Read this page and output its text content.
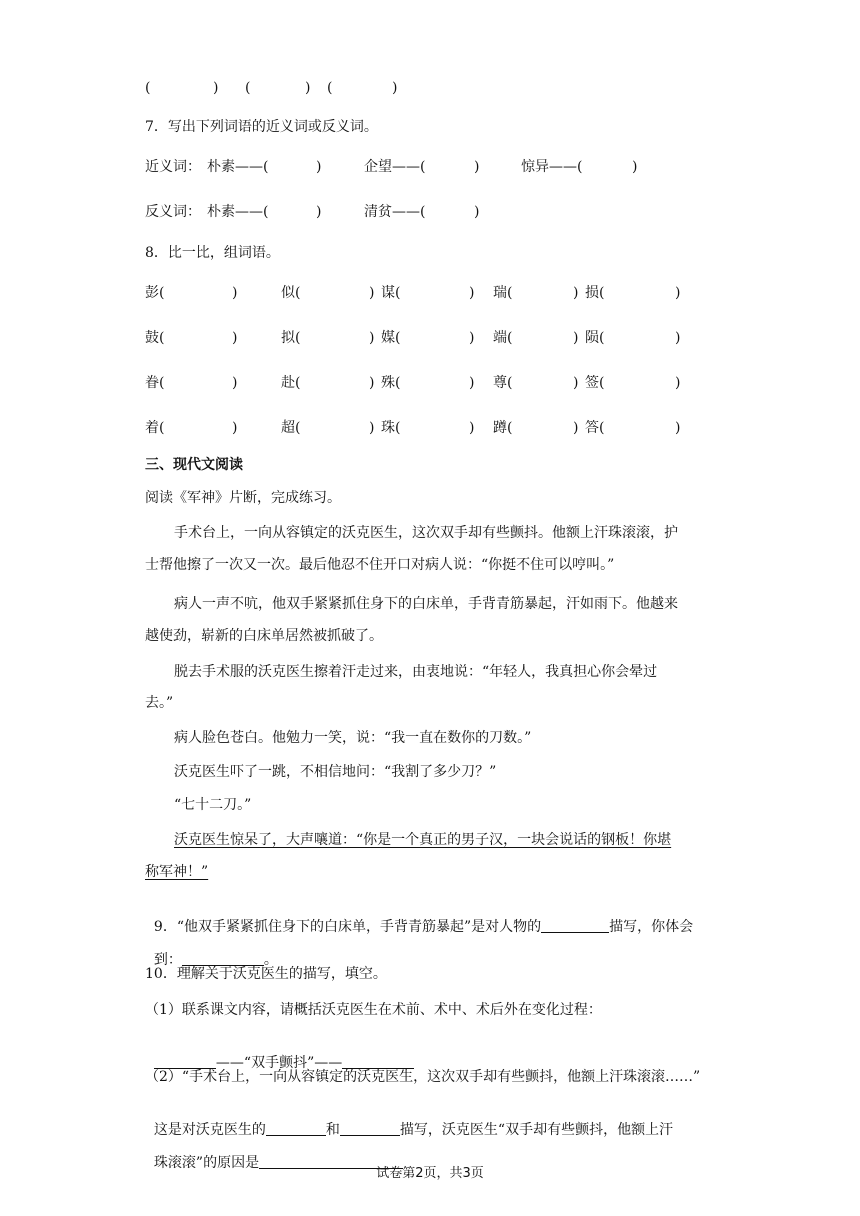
(	) (	) (	)
7．写出下列词语的近义词或反义词。
近义词： 朴素——(	)	企望——(	)	惊异——(	)
反义词： 朴素——(	)	清贫——(	)
8．比一比，组词语。
彭(	)	似(	) 谋(	) 瑞(	) 损(	)
鼓(	)	拟(	) 媒(	) 端(	) 陨(	)
眷(	)	赴(	) 殊(	) 尊(	) 签(	)
着(	)	超(	) 珠(	) 蹲(	) 答(	)
三、现代文阅读
阅读《军神》片断，完成练习。
手术台上，一向从容镇定的沃克医生，这次双手却有些颤抖。他额上汗珠滚滚，护
士帮他擦了一次又一次。最后他忍不住开口对病人说：“你挺不住可以哼叫。”
病人一声不吭，他双手紧紧抓住身下的白床单，手背青筋暴起，汗如雨下。他越来
越使劲，崭新的白床单居然被抓破了。
脱去手术服的沃克医生擦着汗走过来，由衷地说：“年轻人，我真担心你会晕过
去。”
病人脸色苍白。他勉力一笑，说：“我一直在数你的刀数。”
沃克医生吓了一跳，不相信地问：“我割了多少刀？”
“七十二刀。”
沃克医生惊呆了，大声嚷道：“你是一个真正的男子汉，一块会说话的钢板！你堪
称军神！”

9．“他双手紧紧抓住身下的白床单，手背青筋暴起”是对人物的	描写，你体会

到：	。

10．理解关于沃克医生的描写，填空。
（1）联系课文内容，请概括沃克医生在术前、术中、术后外在变化过程：

——“双手颤抖”——

（2）“手术台上，一向从容镇定的沃克医生，这次双手却有些颤抖，他额上汗珠滚滚……”

这是对沃克医生的	和	描写，沃克医生“双手却有些颤抖，他额上汗

珠滚滚”的原因是

试卷第2页，共3页
